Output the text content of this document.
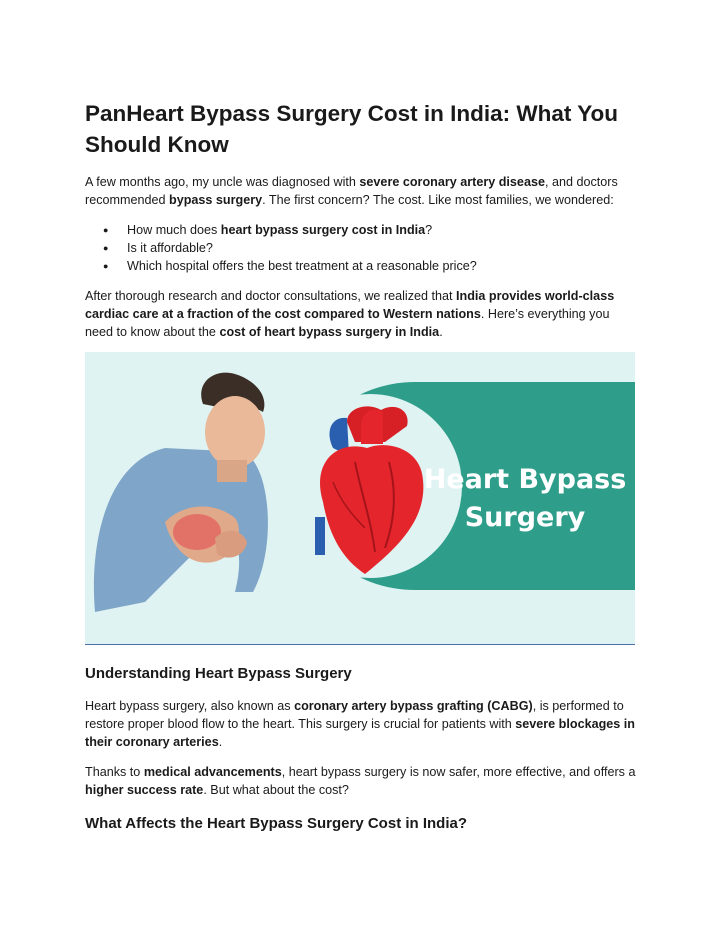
PanHeart Bypass Surgery Cost in India: What You Should Know

A few months ago, my uncle was diagnosed with severe coronary artery disease, and doctors recommended bypass surgery. The first concern? The cost. Like most families, we wondered:

● How much does heart bypass surgery cost in India?
● Is it affordable?
● Which hospital offers the best treatment at a reasonable price?

After thorough research and doctor consultations, we realized that India provides world-class cardiac care at a fraction of the cost compared to Western nations. Here’s everything you need to know about the cost of heart bypass surgery in India.

Heart Bypass
Surgery
Understanding Heart Bypass Surgery

Heart bypass surgery, also known as coronary artery bypass grafting (CABG), is performed to restore proper blood flow to the heart. This surgery is crucial for patients with severe blockages in their coronary arteries.

Thanks to medical advancements, heart bypass surgery is now safer, more effective, and offers a higher success rate. But what about the cost?

What Affects the Heart Bypass Surgery Cost in India?
